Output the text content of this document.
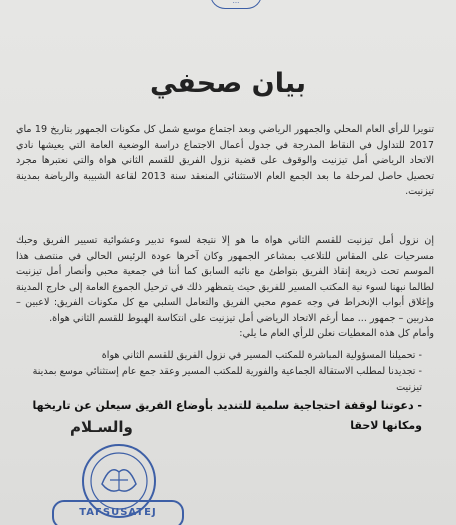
...
بيان صحفي
تنويرا للرأي العام المحلي والجمهور الرياضي وبعد اجتماع موسع شمل كل مكونات الجمهور بتاريخ 19 ماي 2017 للتداول في النقاط المدرجة في جدول أعمال الاجتماع دراسة الوضعية العامة التي يعيشها نادي الاتحاد الرياضي أمل تيزنيت والوقوف على قضية نزول الفريق للقسم الثاني هواة والتي نعتبرها مجرد تحصيل حاصل لمرحلة ما بعد الجمع العام الاستثنائي المنعقد سنة 2013 لقاعة الشبيبة والرياضة بمدينة تيزنيت.
إن نزول أمل تيزنيت للقسم الثاني هواة ما هو إلا نتيجة لسوء تدبير وعشوائية تسيير الفريق وحبك مسرحيات على المقاس للتلاعب بمشاعر الجمهور وكان آخرها عودة الرئيس الحالي في منتصف هذا الموسم تحت ذريعة إنقاذ الفريق بتواطئ مع نائبه السابق كما أننا في جمعية محبي وأنصار أمل تيزنيت لطالما نبهنا لسوء نية المكتب المسير للفريق حيث يتمظهر ذلك في ترحيل الجموع العامة إلى خارج المدينة وإغلاق أبواب الإنخراط في وجه عموم محبي الفريق والتعامل السلبي مع كل مكونات الفريق: لاعبين – مدربين – جمهور ... مما أرغم الاتحاد الرياضي أمل تيزنيت على انتكاسة الهبوط للقسم الثاني هواة.
وأمام كل هذه المعطيات نعلن للرأي العام ما يلي:
- تحميلنا المسؤولية المباشرة للمكتب المسير في نزول الفريق للقسم الثاني هواة
- تجديدنا لمطلب الاستقالة الجماعية والفورية للمكتب المسير وعقد جمع عام إستثنائي موسع بمدينة تيزنيت
- دعوتنا لوقفة احتجاجية سلمية للتنديد بأوضاع الفريق سيعلن عن تاريخها ومكانها لاحقا
والسـلام
TAFSUSATEJ
